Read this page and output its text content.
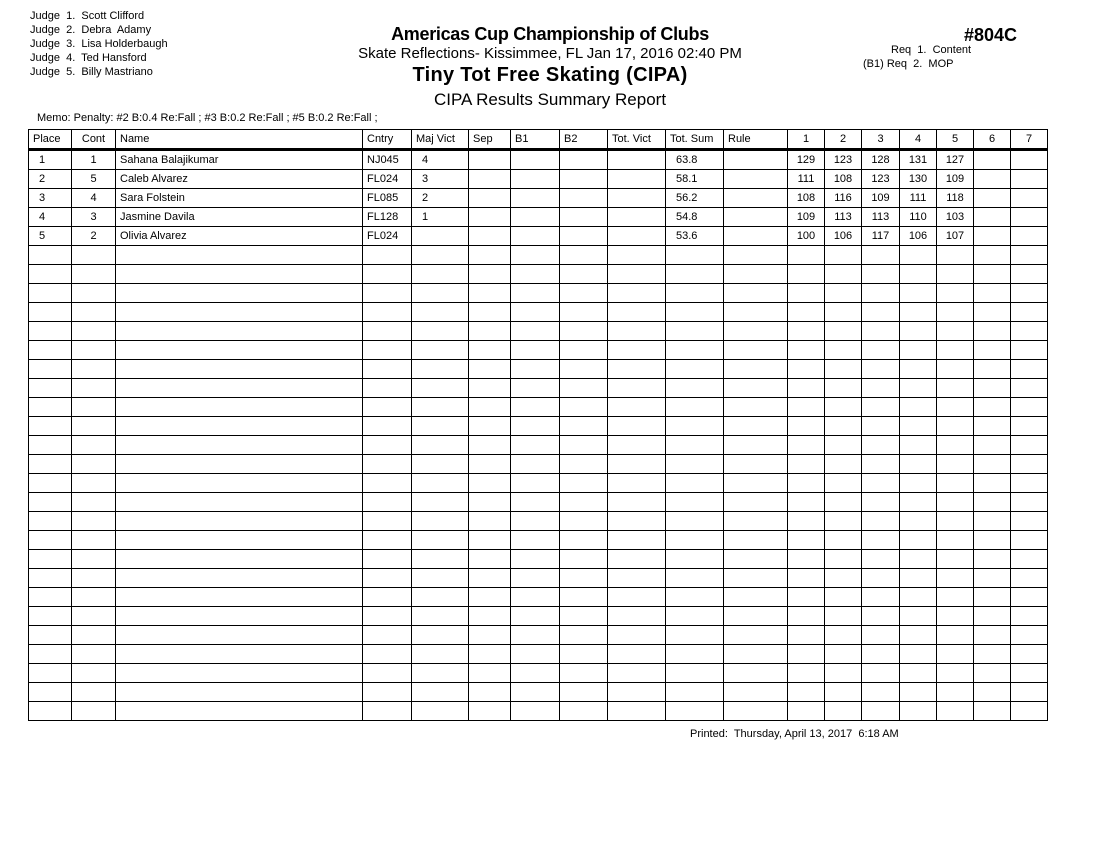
Judge  1.  Scott Clifford
Judge  2.  Debra  Adamy
Judge  3.  Lisa Holderbaugh
Judge  4.  Ted Hansford
Judge  5.  Billy Mastriano
Americas Cup Championship of Clubs
Skate Reflections- Kissimmee, FL Jan 17, 2016 02:40 PM
Tiny Tot Free Skating (CIPA)
CIPA Results Summary Report
#804C
Req  1.  Content
(B1) Req  2.  MOP
Memo: Penalty: #2 B:0.4 Re:Fall ; #3 B:0.2 Re:Fall ; #5 B:0.2 Re:Fall ;
Place	Cont	Name	Cntry	Maj Vict	Sep	B1	B2	Tot. Vict	Tot. Sum	Rule	1	2	3	4	5	6	7
1	1	Sahana Balajikumar	NJ045	4					63.8		129	123	128	131	127		
2	5	Caleb Alvarez	FL024	3					58.1		111	108	123	130	109		
3	4	Sara Folstein	FL085	2					56.2		108	116	109	111	118		
4	3	Jasmine Davila	FL128	1					54.8		109	113	113	110	103		
5	2	Olivia Alvarez	FL024						53.6		100	106	117	106	107		

Printed:  Thursday, April 13, 2017  6:18 AM
